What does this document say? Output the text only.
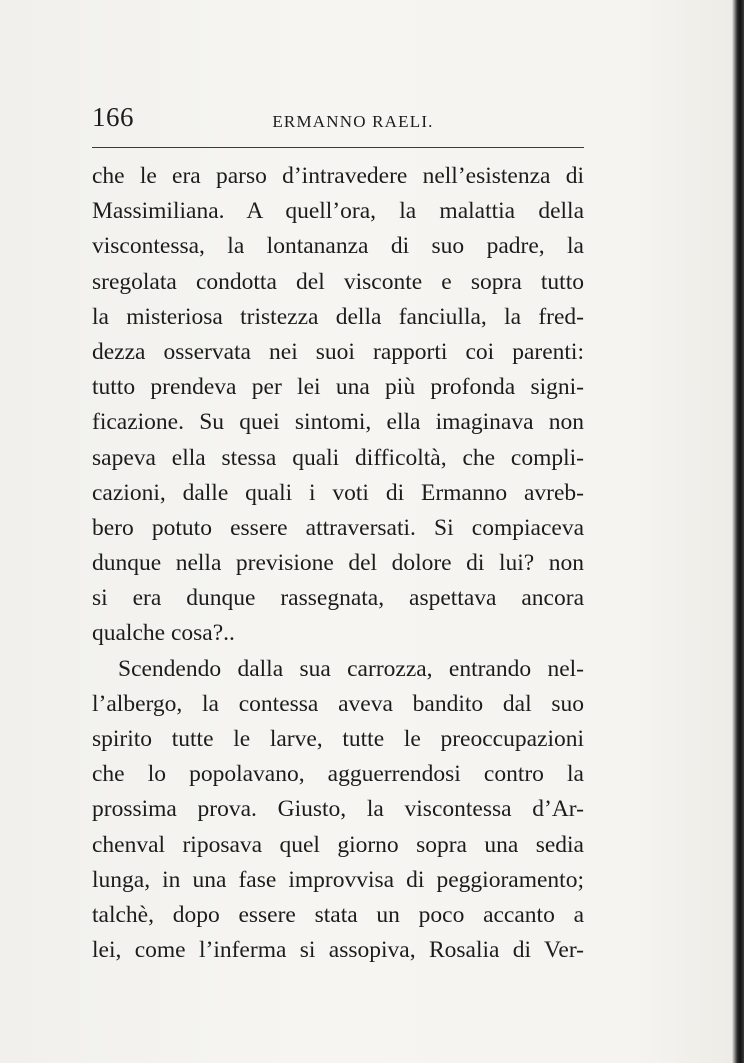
166	ERMANNO RAELI.
che le era parso d’intravedere nell’esistenza di
Massimiliana. A quell’ora, la malattia della
viscontessa, la lontananza di suo padre, la
sregolata condotta del visconte e sopra tutto
la misteriosa tristezza della fanciulla, la fred-
dezza osservata nei suoi rapporti coi parenti:
tutto prendeva per lei una più profonda signi-
ficazione. Su quei sintomi, ella imaginava non
sapeva ella stessa quali difficoltà, che compli-
cazioni, dalle quali i voti di Ermanno avreb-
bero potuto essere attraversati. Si compiaceva
dunque nella previsione del dolore di lui? non
si era dunque rassegnata, aspettava ancora
qualche cosa?..
Scendendo dalla sua carrozza, entrando nel-
l’albergo, la contessa aveva bandito dal suo
spirito tutte le larve, tutte le preoccupazioni
che lo popolavano, agguerrendosi contro la
prossima prova. Giusto, la viscontessa d’Ar-
chenval riposava quel giorno sopra una sedia
lunga, in una fase improvvisa di peggioramento;
talchè, dopo essere stata un poco accanto a
lei, come l’inferma si assopiva, Rosalia di Ver-
